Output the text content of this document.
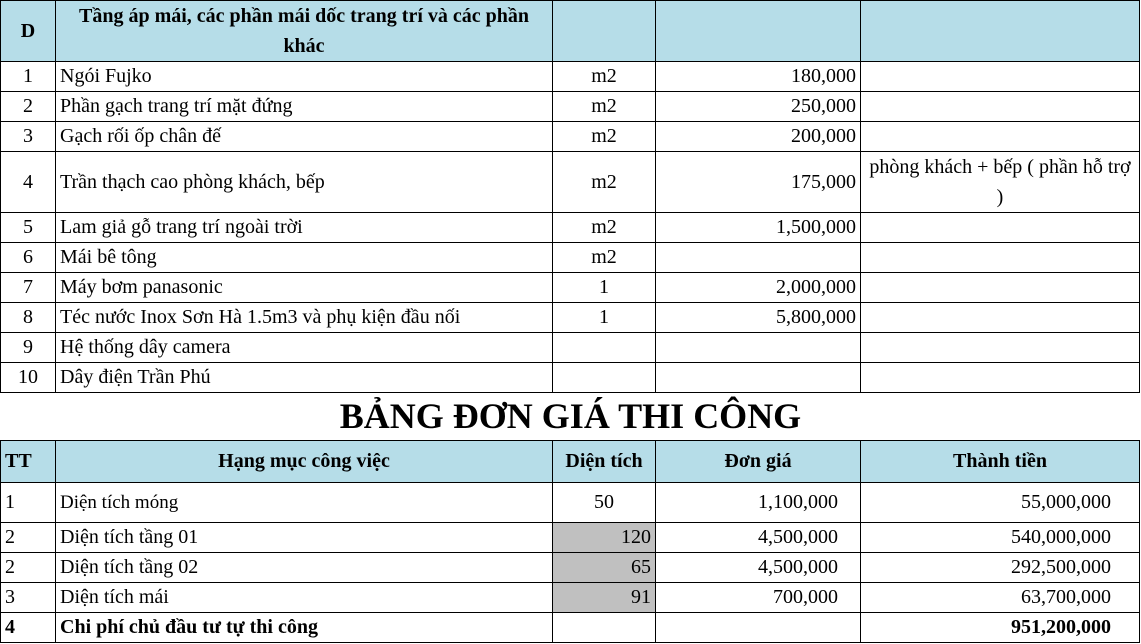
D	Tầng áp mái, các phần mái dốc trang trí và các phần khác			
1	Ngói Fujko	m2	180,000	
2	Phần gạch trang trí mặt đứng	m2	250,000	
3	Gạch rối ốp chân đế	m2	200,000	
4	Trần thạch cao phòng khách, bếp	m2	175,000	phòng khách + bếp ( phần hỗ trợ )
5	Lam giả gỗ trang trí ngoài trời	m2	1,500,000	
6	Mái bê tông	m2		
7	Máy bơm panasonic	1	2,000,000	
8	Téc nước Inox Sơn Hà 1.5m3 và phụ kiện đầu nối	1	5,800,000	
9	Hệ thống dây camera			
10	Dây điện Trần Phú			
BẢNG ĐƠN GIÁ THI CÔNG
TT	Hạng mục công việc	Diện tích	Đơn giá	Thành tiền
1	Diện tích móng	50	1,100,000	55,000,000
2	Diện tích tầng 01	120	4,500,000	540,000,000
2	Diện tích tầng 02	65	4,500,000	292,500,000
3	Diện tích mái	91	700,000	63,700,000
4	Chi phí chủ đầu tư tự thi công			951,200,000
